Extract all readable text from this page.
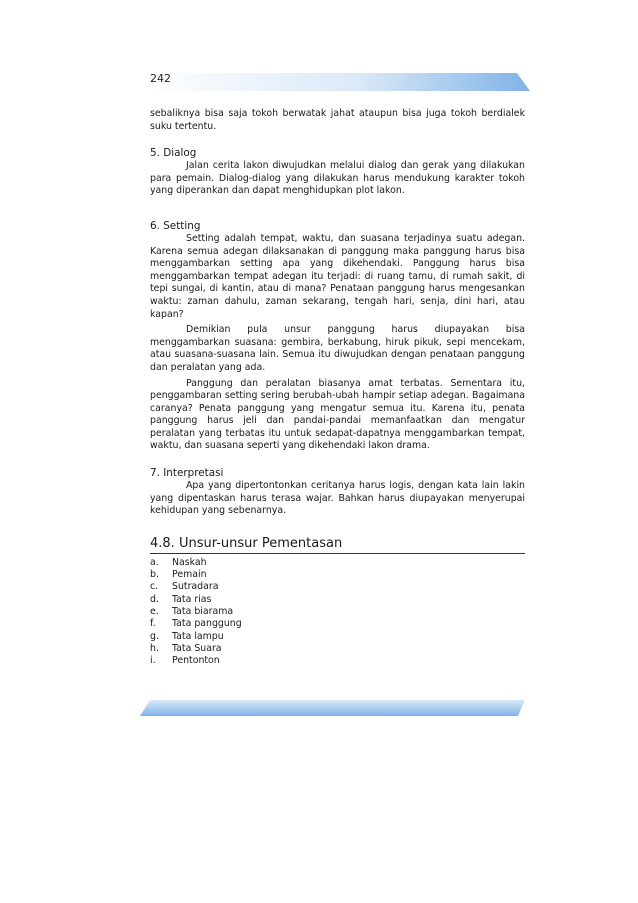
242

sebaliknya bisa saja tokoh berwatak jahat ataupun bisa juga tokoh berdialek suku tertentu.

5. Dialog

Jalan cerita lakon diwujudkan melalui dialog dan gerak yang dilakukan para pemain. Dialog-dialog yang dilakukan harus mendukung karakter tokoh yang diperankan dan dapat menghidupkan plot lakon.

6. Setting

Setting adalah tempat, waktu, dan suasana terjadinya suatu adegan. Karena semua adegan dilaksanakan di panggung maka panggung harus bisa menggambarkan setting apa yang dikehendaki. Panggung harus bisa menggambarkan tempat adegan itu terjadi: di ruang tamu, di rumah sakit, di tepi sungai, di kantin, atau di mana? Penataan panggung harus mengesankan waktu: zaman dahulu, zaman sekarang, tengah hari, senja, dini hari, atau kapan?

Demikian pula unsur panggung harus diupayakan bisa menggambarkan suasana: gembira, berkabung, hiruk pikuk, sepi mencekam, atau suasana-suasana lain. Semua itu diwujudkan dengan penataan panggung dan peralatan yang ada.

Panggung dan peralatan biasanya amat terbatas. Sementara itu, penggambaran setting sering berubah-ubah hampir setiap adegan. Bagaimana caranya? Penata panggung yang mengatur semua itu. Karena itu, penata panggung harus jeli dan pandai-pandai memanfaatkan dan mengatur peralatan yang terbatas itu untuk sedapat-dapatnya menggambarkan tempat, waktu, dan suasana seperti yang dikehendaki lakon drama.

7. Interpretasi

Apa yang dipertontonkan ceritanya harus logis, dengan kata lain lakin yang dipentaskan harus terasa wajar. Bahkan harus diupayakan menyerupai kehidupan yang sebenarnya.

4.8. Unsur-unsur Pementasan

a.	Naskah
b.	Pemain
c.	Sutradara
d.	Tata rias
e.	Tata biarama
f.	Tata panggung
g.	Tata lampu
h.	Tata Suara
i.	Pentonton
